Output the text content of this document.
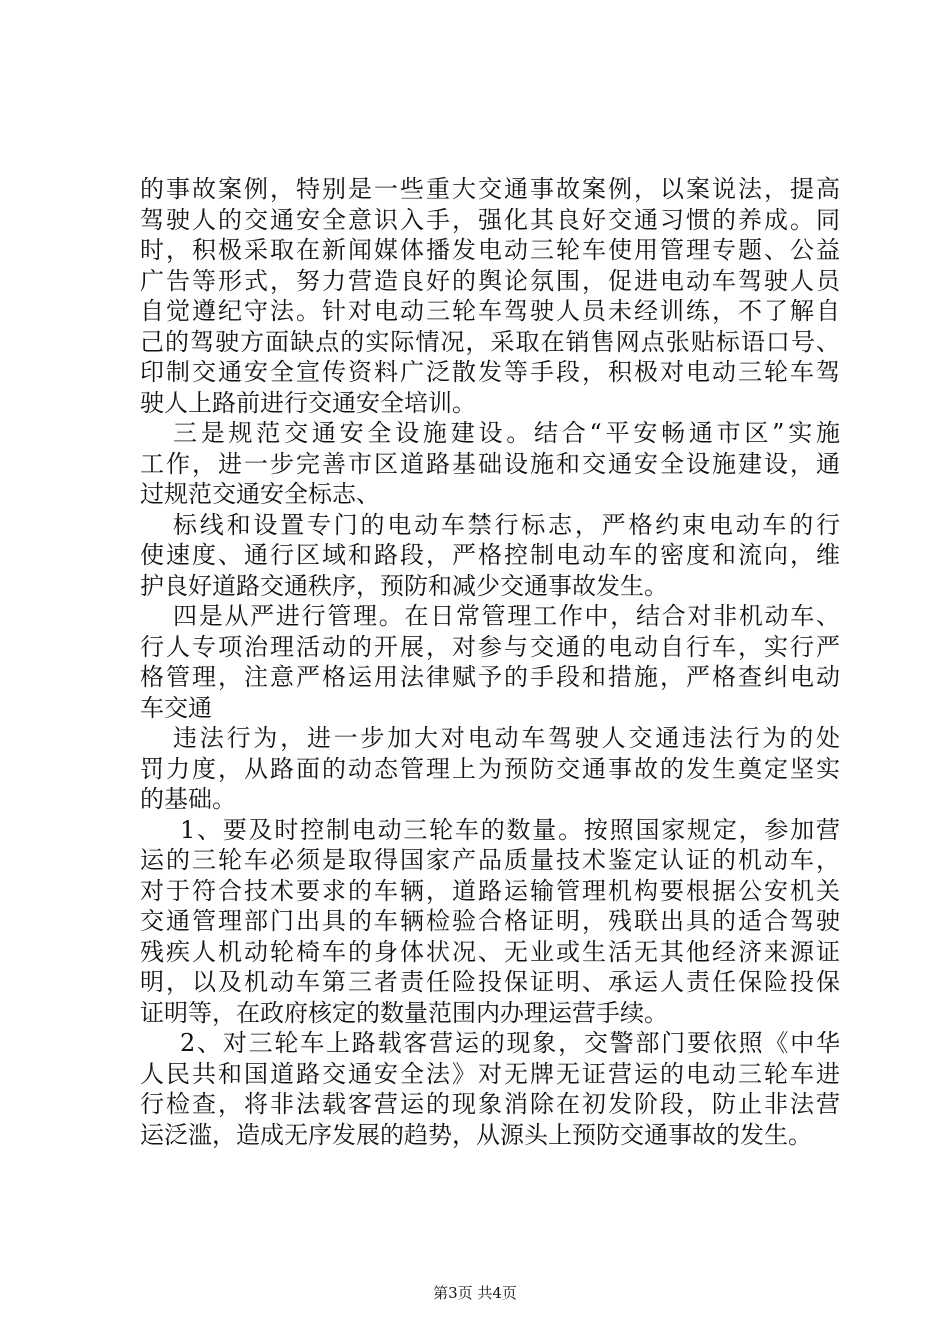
的事故案例，特别是一些重大交通事故案例，以案说法，提高
驾驶人的交通安全意识入手，强化其良好交通习惯的养成。同
时，积极采取在新闻媒体播发电动三轮车使用管理专题、公益
广告等形式，努力营造良好的舆论氛围，促进电动车驾驶人员
自觉遵纪守法。针对电动三轮车驾驶人员未经训练，不了解自
己的驾驶方面缺点的实际情况，采取在销售网点张贴标语口号、
印制交通安全宣传资料广泛散发等手段，积极对电动三轮车驾
驶人上路前进行交通安全培训。
三是规范交通安全设施建设。结合“平安畅通市区”实施
工作，进一步完善市区道路基础设施和交通安全设施建设，通
过规范交通安全标志、
标线和设置专门的电动车禁行标志，严格约束电动车的行
使速度、通行区域和路段，严格控制电动车的密度和流向，维
护良好道路交通秩序，预防和减少交通事故发生。
四是从严进行管理。在日常管理工作中，结合对非机动车、
行人专项治理活动的开展，对参与交通的电动自行车，实行严
格管理，注意严格运用法律赋予的手段和措施，严格查纠电动
车交通
违法行为，进一步加大对电动车驾驶人交通违法行为的处
罚力度，从路面的动态管理上为预防交通事故的发生奠定坚实
的基础。
1、要及时控制电动三轮车的数量。按照国家规定，参加营
运的三轮车必须是取得国家产品质量技术鉴定认证的机动车，
对于符合技术要求的车辆，道路运输管理机构要根据公安机关
交通管理部门出具的车辆检验合格证明，残联出具的适合驾驶
残疾人机动轮椅车的身体状况、无业或生活无其他经济来源证
明，以及机动车第三者责任险投保证明、承运人责任保险投保
证明等，在政府核定的数量范围内办理运营手续。
2、对三轮车上路载客营运的现象，交警部门要依照《中华
人民共和国道路交通安全法》对无牌无证营运的电动三轮车进
行检查，将非法载客营运的现象消除在初发阶段，防止非法营
运泛滥，造成无序发展的趋势，从源头上预防交通事故的发生。
第3页 共4页
